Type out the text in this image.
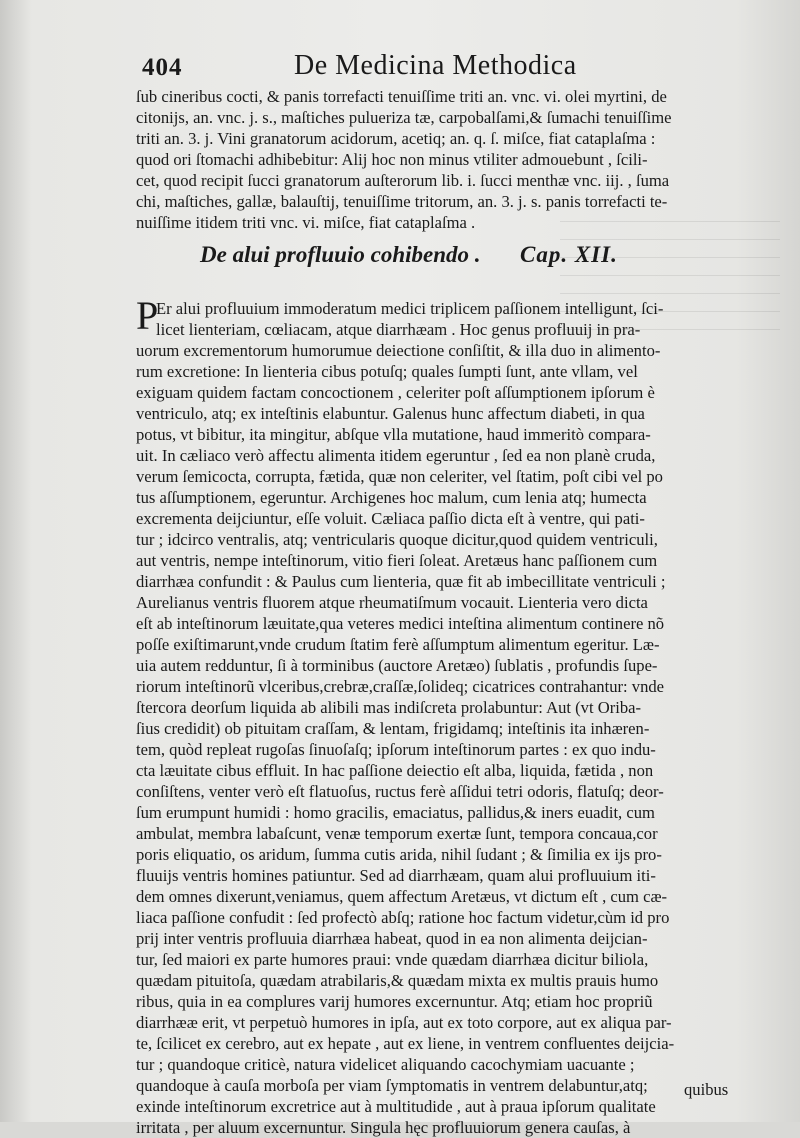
404	De Medicina Methodica
ſub cineribus cocti, & panis torrefacti tenuiſſime triti an. vnc. vi. olei myrtini, de
citonijs, an. vnc. j. s., maſtiches pulueriza tæ, carpobalſami,& ſumachi tenuiſſime
triti an. 3. j. Vini granatorum acidorum, acetiq; an. q. ſ. miſce, fiat cataplaſma :
quod ori ſtomachi adhibebitur: Alij hoc non minus vtiliter admouebunt , ſcili-
cet, quod recipit ſucci granatorum auſterorum lib. i. ſucci menthæ vnc. iij. , ſuma
chi, maſtiches, gallæ, balauſtij, tenuiſſime tritorum, an. 3. j. s. panis torrefacti te-
nuiſſime itidem triti vnc. vi. miſce, fiat cataplaſma .
De alui profluuio cohibendo . Cap. XII.
P
Er alui profluuium immoderatum medici triplicem paſſionem intelligunt, ſci-
licet lienteriam, cœliacam, atque diarrhæam . Hoc genus profluuij in pra-
uorum excrementorum humorumue deiectione conſiſtit, & illa duo in alimento-
rum excretione: In lienteria cibus potuſq; quales ſumpti ſunt, ante vllam, vel
exiguam quidem factam concoctionem , celeriter poſt aſſumptionem ipſorum è
ventriculo, atq; ex inteſtinis elabuntur. Galenus hunc affectum diabeti, in qua
potus, vt bibitur, ita mingitur, abſque vlla mutatione, haud immeritò compara-
uit. In cæliaco verò affectu alimenta itidem egeruntur , ſed ea non planè cruda,
verum ſemicocta, corrupta, fætida, quæ non celeriter, vel ſtatim, poſt cibi vel po
tus aſſumptionem, egeruntur. Archigenes hoc malum, cum lenia atq; humecta
excrementa deijciuntur, eſſe voluit. Cæliaca paſſio dicta eſt à ventre, qui pati-
tur ; idcirco ventralis, atq; ventricularis quoque dicitur,quod quidem ventriculi,
aut ventris, nempe inteſtinorum, vitio fieri ſoleat. Aretæus hanc paſſionem cum
diarrhæa confundit : & Paulus cum lienteria, quæ fit ab imbecillitate ventriculi ;
Aurelianus ventris fluorem atque rheumatiſmum vocauit. Lienteria vero dicta
eſt ab inteſtinorum læuitate,qua veteres medici inteſtina alimentum continere nõ
poſſe exiſtimarunt,vnde crudum ſtatim ferè aſſumptum alimentum egeritur. Læ-
uia autem redduntur, ſi à torminibus (auctore Aretæo) ſublatis , profundis ſupe-
riorum inteſtinorũ vlceribus,crebræ,craſſæ,ſolideq; cicatrices contrahantur: vnde
ſtercora deorſum liquida ab alibili mas indiſcreta prolabuntur: Aut (vt Oriba-
ſius credidit) ob pituitam craſſam, & lentam, frigidamq; inteſtinis ita inhæren-
tem, quòd repleat rugoſas ſinuoſaſq; ipſorum inteſtinorum partes : ex quo indu-
cta læuitate cibus effluit. In hac paſſione deiectio eſt alba, liquida, fætida , non
conſiſtens, venter verò eſt flatuoſus, ructus ferè aſſidui tetri odoris, flatuſq; deor-
ſum erumpunt humidi : homo gracilis, emaciatus, pallidus,& iners euadit, cum
ambulat, membra labaſcunt, venæ temporum exertæ ſunt, tempora concaua,cor
poris eliquatio, os aridum, ſumma cutis arida, nihil ſudant ; & ſimilia ex ijs pro-
fluuijs ventris homines patiuntur. Sed ad diarrhæam, quam alui profluuium iti-
dem omnes dixerunt,veniamus, quem affectum Aretæus, vt dictum eſt , cum cæ-
liaca paſſione confudit : ſed profectò abſq; ratione hoc factum videtur,cùm id pro
prij inter ventris profluuia diarrhæa habeat, quod in ea non alimenta deijcian-
tur, ſed maiori ex parte humores praui: vnde quædam diarrhæa dicitur biliola,
quædam pituitoſa, quædam atrabilaris,& quædam mixta ex multis prauis humo
ribus, quia in ea complures varij humores excernuntur. Atq; etiam hoc propriũ
diarrhææ erit, vt perpetuò humores in ipſa, aut ex toto corpore, aut ex aliqua par-
te, ſcilicet ex cerebro, aut ex hepate , aut ex liene, in ventrem confluentes deijcia-
tur ; quandoque criticè, natura videlicet aliquando cacochymiam uacuante ;
quandoque à cauſa morboſa per viam ſymptomatis in ventrem delabuntur,atq;
exinde inteſtinorum excretrice aut à multitudide , aut à praua ipſorum qualitate
irritata , per aluum excernuntur. Singula hęc profluuiorum genera cauſas, à
quibus
